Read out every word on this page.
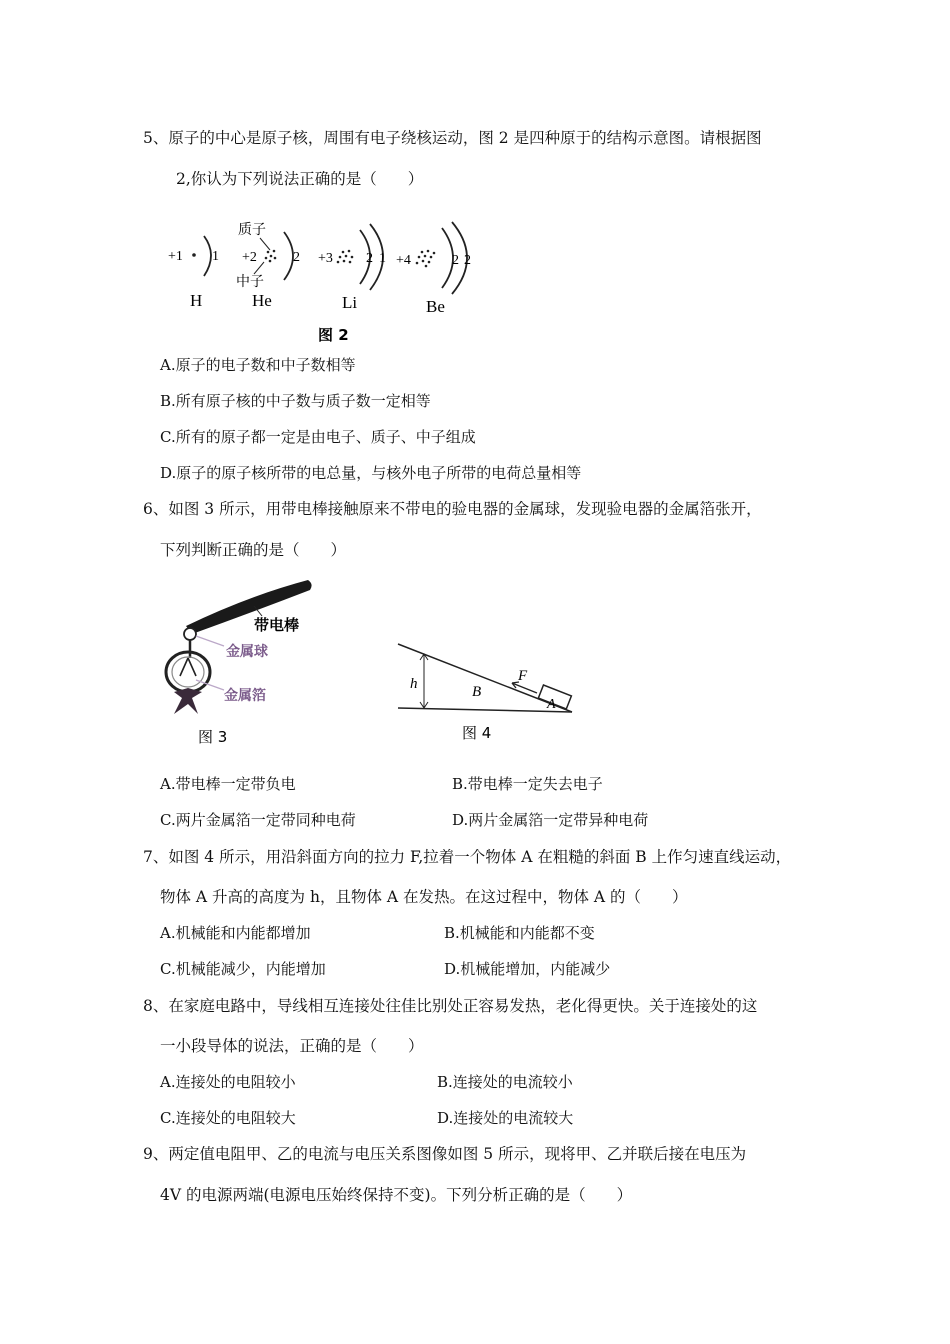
5、原子的中心是原子核，周围有电子绕核运动，图 2 是四种原于的结构示意图。请根据图
2,你认为下列说法正确的是（　　）
+1 1
H
质子
+2
中子
2
He
+3 2 1
Li
+4	2 2
Be
图 2
A.原子的电子数和中子数相等
B.所有原子核的中子数与质子数一定相等
C.所有的原子都一定是由电子、质子、中子组成
D.原子的原子核所带的电总量，与核外电子所带的电荷总量相等
6、如图 3 所示，用带电棒接触原来不带电的验电器的金属球，发现验电器的金属箔张开，
下列判断正确的是（　　）
带电棒
金属球
金属箔
图 3
h	B
A
F
图 4
A.带电棒一定带负电	B.带电棒一定失去电子
C.两片金属箔一定带同种电荷	D.两片金属箔一定带异种电荷
7、如图 4 所示，用沿斜面方向的拉力 F,拉着一个物体 A 在粗糙的斜面 B 上作匀速直线运动，
物体 A 升高的高度为 h，且物体 A 在发热。在这过程中，物体 A 的（　　）
A.机械能和内能都增加	B.机械能和内能都不变
C.机械能减少，内能增加	D.机械能增加，内能减少
8、在家庭电路中，导线相互连接处往佳比别处正容易发热，老化得更快。关于连接处的这
一小段导体的说法，正确的是（　　）
A.连接处的电阻较小	B.连接处的电流较小
C.连接处的电阻较大	D.连接处的电流较大
9、两定值电阻甲、乙的电流与电压关系图像如图 5 所示，现将甲、乙并联后接在电压为
4V 的电源两端(电源电压始终保持不变)。下列分析正确的是（　　）
